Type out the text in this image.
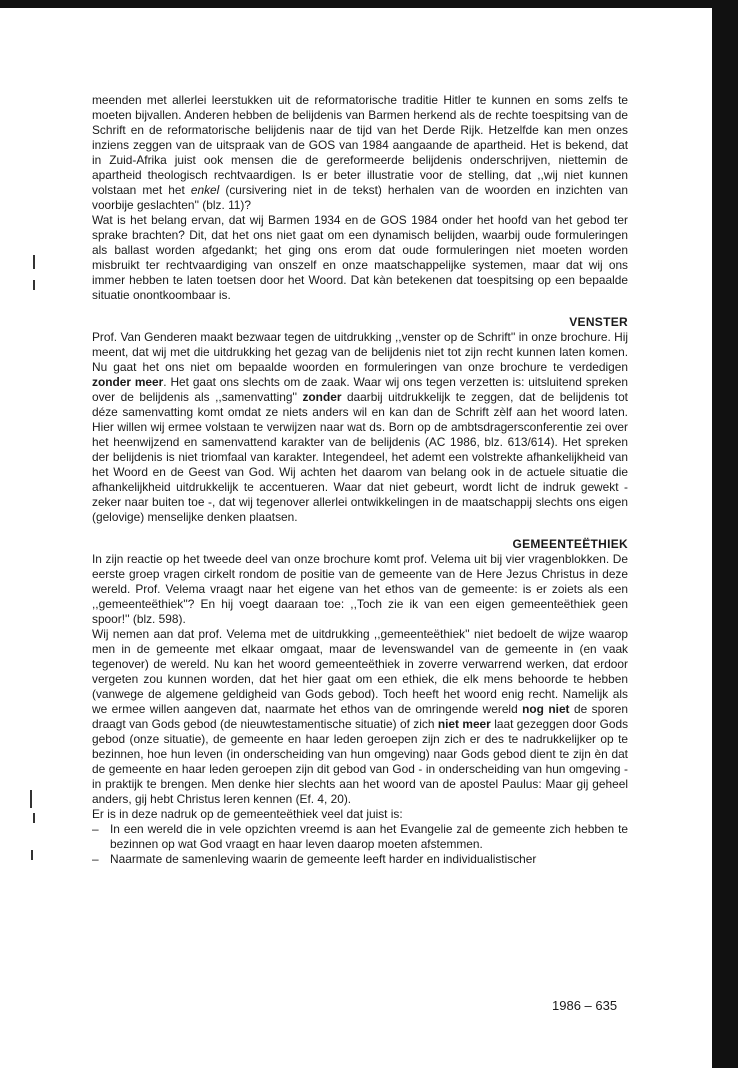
meenden met allerlei leerstukken uit de reformatorische traditie Hitler te kunnen en soms zelfs te moeten bijvallen. Anderen hebben de belijdenis van Barmen herkend als de rechte toespitsing van de Schrift en de reformatorische belijdenis naar de tijd van het Derde Rijk. Hetzelfde kan men onzes inziens zeggen van de uitspraak van de GOS van 1984 aangaande de apartheid. Het is bekend, dat in Zuid-Afrika juist ook mensen die de gereformeerde belijdenis onderschrijven, niettemin de apartheid theologisch rechtvaardigen. Is er beter illustratie voor de stelling, dat ,,wij niet kunnen volstaan met het enkel (cursivering niet in de tekst) herhalen van de woorden en inzichten van voorbije geslachten'' (blz. 11)?

Wat is het belang ervan, dat wij Barmen 1934 en de GOS 1984 onder het hoofd van het gebod ter sprake brachten? Dit, dat het ons niet gaat om een dynamisch belijden, waarbij oude formuleringen als ballast worden afgedankt; het ging ons erom dat oude formuleringen niet moeten worden misbruikt ter rechtvaardiging van onszelf en onze maatschappelijke systemen, maar dat wij ons immer hebben te laten toetsen door het Woord. Dat kàn betekenen dat toespitsing op een bepaalde situatie onontkoombaar is.

VENSTER

Prof. Van Genderen maakt bezwaar tegen de uitdrukking ,,venster op de Schrift'' in onze brochure. Hij meent, dat wij met die uitdrukking het gezag van de belijdenis niet tot zijn recht kunnen laten komen. Nu gaat het ons niet om bepaalde woorden en formuleringen van onze brochure te verdedigen zonder meer. Het gaat ons slechts om de zaak. Waar wij ons tegen verzetten is: uitsluitend spreken over de belijdenis als ,,samenvatting'' zonder daarbij uitdrukkelijk te zeggen, dat de belijdenis tot déze samenvatting komt omdat ze niets anders wil en kan dan de Schrift zèlf aan het woord laten. Hier willen wij ermee volstaan te verwijzen naar wat ds. Born op de ambtsdragersconferentie zei over het heenwijzend en samenvattend karakter van de belijdenis (AC 1986, blz. 613/614). Het spreken der belijdenis is niet triomfaal van karakter. Integendeel, het ademt een volstrekte afhankelijkheid van het Woord en de Geest van God. Wij achten het daarom van belang ook in de actuele situatie die afhankelijkheid uitdrukkelijk te accentueren. Waar dat niet gebeurt, wordt licht de indruk gewekt - zeker naar buiten toe -, dat wij tegenover allerlei ontwikkelingen in de maatschappij slechts ons eigen (gelovige) menselijke denken plaatsen.

GEMEENTEËTHIEK

In zijn reactie op het tweede deel van onze brochure komt prof. Velema uit bij vier vragenblokken. De eerste groep vragen cirkelt rondom de positie van de gemeente van de Here Jezus Christus in deze wereld. Prof. Velema vraagt naar het eigene van het ethos van de gemeente: is er zoiets als een ,,gemeenteëthiek''? En hij voegt daaraan toe: ,,Toch zie ik van een eigen gemeenteëthiek geen spoor!'' (blz. 598).

Wij nemen aan dat prof. Velema met de uitdrukking ,,gemeenteëthiek'' niet bedoelt de wijze waarop men in de gemeente met elkaar omgaat, maar de levenswandel van de gemeente in (en vaak tegenover) de wereld. Nu kan het woord gemeenteëthiek in zoverre verwarrend werken, dat erdoor vergeten zou kunnen worden, dat het hier gaat om een ethiek, die elk mens behoorde te hebben (vanwege de algemene geldigheid van Gods gebod). Toch heeft het woord enig recht. Namelijk als we ermee willen aangeven dat, naarmate het ethos van de omringende wereld nog niet de sporen draagt van Gods gebod (de nieuwtestamentische situatie) of zich niet meer laat gezeggen door Gods gebod (onze situatie), de gemeente en haar leden geroepen zijn zich er des te nadrukkelijker op te bezinnen, hoe hun leven (in onderscheiding van hun omgeving) naar Gods gebod dient te zijn èn dat de gemeente en haar leden geroepen zijn dit gebod van God - in onderscheiding van hun omgeving - in praktijk te brengen. Men denke hier slechts aan het woord van de apostel Paulus: Maar gij geheel anders, gij hebt Christus leren kennen (Ef. 4, 20).

Er is in deze nadruk op de gemeenteëthiek veel dat juist is:

– In een wereld die in vele opzichten vreemd is aan het Evangelie zal de gemeente zich hebben te bezinnen op wat God vraagt en haar leven daarop moeten afstemmen.
– Naarmate de samenleving waarin de gemeente leeft harder en individualistischer
1986 – 635
